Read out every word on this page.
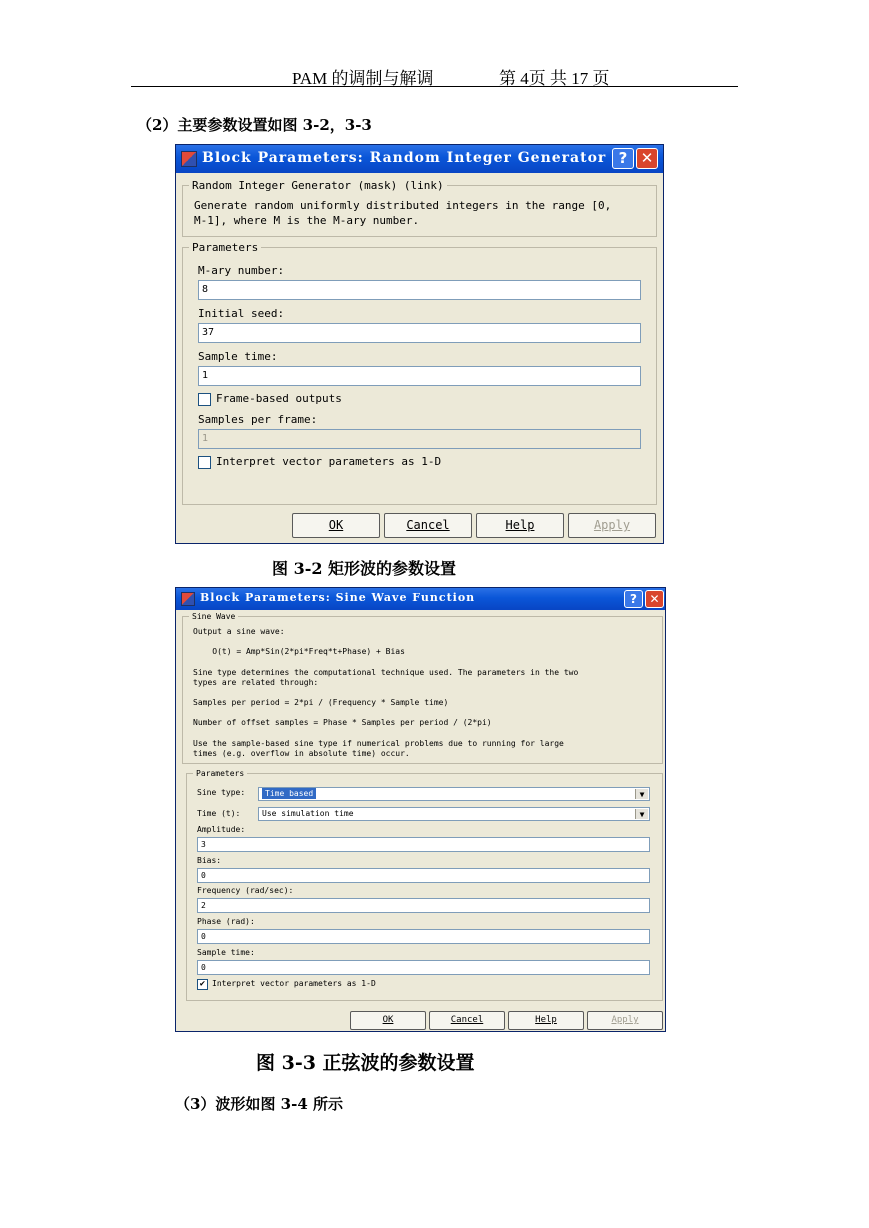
PAM 的调制与解调	第 4页 共 17 页
（2）主要参数设置如图 3-2，3-3
Block Parameters: Random Integer Generator ? ✕
Random Integer Generator (mask) (link)
Generate random uniformly distributed integers in the range [0,
M-1], where M is the M-ary number.
Parameters
M-ary number:
8
Initial seed:
37
Sample time:
1
Frame-based outputs
Samples per frame:
1
Interpret vector parameters as 1-D
OK	Cancel	Help	Apply
图 3-2 矩形波的参数设置
Block Parameters: Sine Wave Function	?	✕
Sine Wave
Output a sine wave:
O(t) = Amp*Sin(2*pi*Freq*t+Phase) + Bias
Sine type determines the computational technique used. The parameters in the two
types are related through:
Samples per period = 2*pi / (Frequency * Sample time)
Number of offset samples = Phase * Samples per period / (2*pi)
Use the sample-based sine type if numerical problems due to running for large
times (e.g. overflow in absolute time) occur.
Parameters
Sine type:	Time based	▼
Time (t):	Use simulation time	▼
Amplitude:
3
Bias:
0
Frequency (rad/sec):
2
Phase (rad):
0
Sample time:
0
✔ Interpret vector parameters as 1-D
OK	Cancel	Help	Apply
图 3-3 正弦波的参数设置
（3）波形如图 3-4 所示
